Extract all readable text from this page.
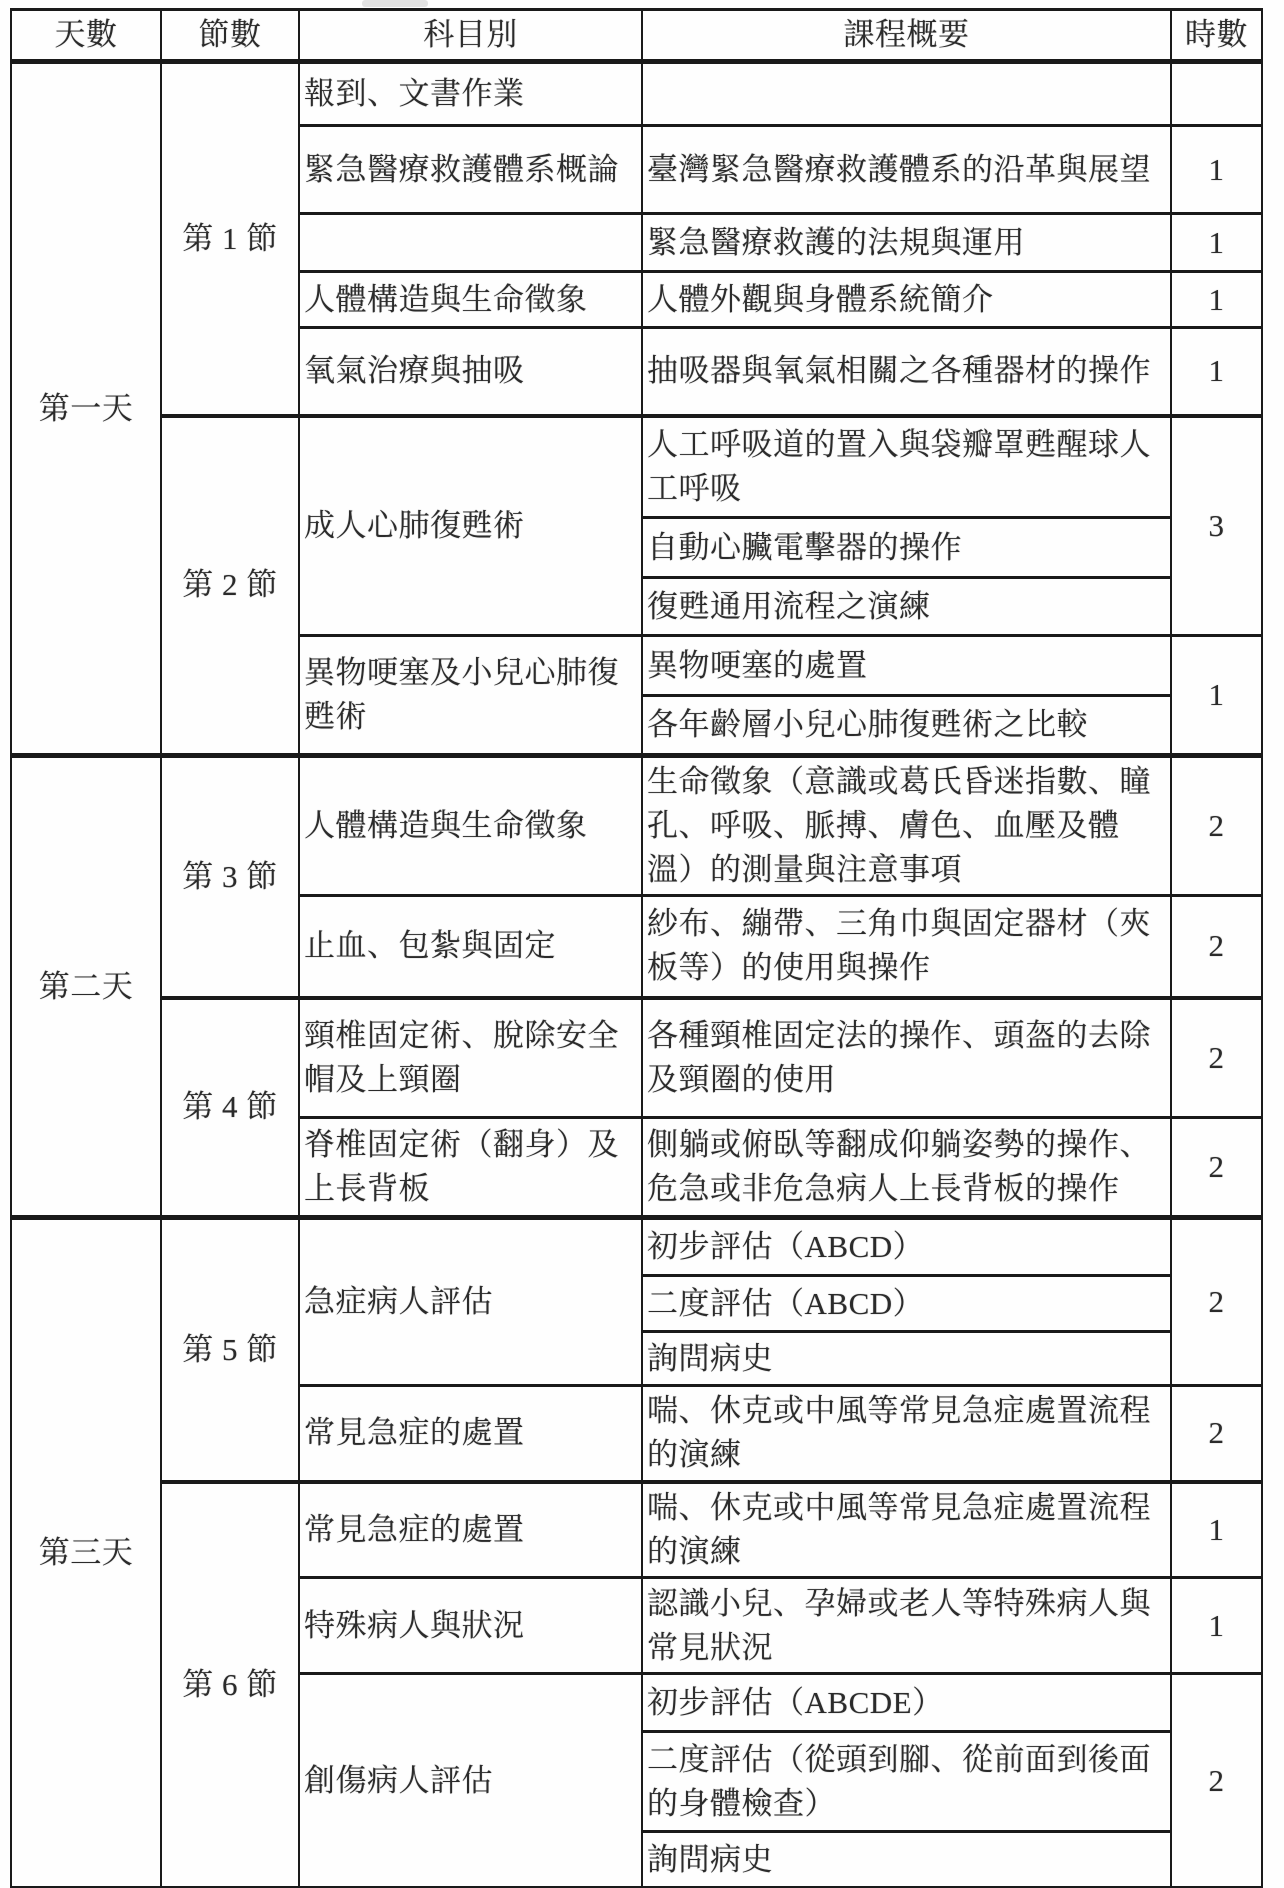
天數	節數	科目別	課程概要	時數
第一天	第 1 節	報到、文書作業		
		緊急醫療救護體系概論	臺灣緊急醫療救護體系的沿革與展望	1
			緊急醫療救護的法規與運用	1
		人體構造與生命徵象	人體外觀與身體系統簡介	1
		氧氣治療與抽吸	抽吸器與氧氣相關之各種器材的操作	1
	第 2 節	成人心肺復甦術	人工呼吸道的置入與袋瓣罩甦醒球人工呼吸	3
			自動心臟電擊器的操作	
			復甦通用流程之演練	
		異物哽塞及小兒心肺復甦術	異物哽塞的處置	1
			各年齡層小兒心肺復甦術之比較	
第二天	第 3 節	人體構造與生命徵象	生命徵象（意識或葛氏昏迷指數、瞳孔、呼吸、脈搏、膚色、血壓及體溫）的測量與注意事項	2
		止血、包紮與固定	紗布、繃帶、三角巾與固定器材（夾板等）的使用與操作	2
	第 4 節	頸椎固定術、脫除安全帽及上頸圈	各種頸椎固定法的操作、頭盔的去除及頸圈的使用	2
		脊椎固定術（翻身）及上長背板	側躺或俯臥等翻成仰躺姿勢的操作、危急或非危急病人上長背板的操作	2
第三天	第 5 節	急症病人評估	初步評估（ABCD）	2
			二度評估（ABCD）	
			詢問病史	
		常見急症的處置	喘、休克或中風等常見急症處置流程的演練	2
	第 6 節	常見急症的處置	喘、休克或中風等常見急症處置流程的演練	1
		特殊病人與狀況	認識小兒、孕婦或老人等特殊病人與常見狀況	1
		創傷病人評估	初步評估（ABCDE）	2
			二度評估（從頭到腳、從前面到後面的身體檢查）	
			詢問病史	
